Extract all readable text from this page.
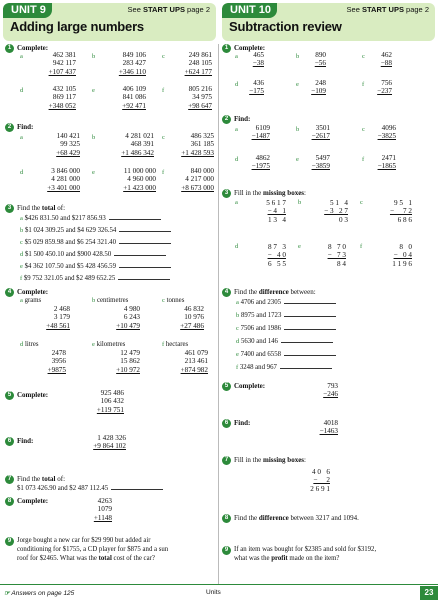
UNIT 9	See START UPS page 2
Adding large numbers
UNIT 10	See START UPS page 2
Subtraction review
1 Complete:
a	462 381
942 117
+107 437
b	849 106
283 427
+346 110
c	249 861
248 105
+624 177
d	432 105
869 117
+348 052
e	406 109
841 086
+92 471
f	805 216
34 975
+98 647
2 Find:
a	140 421
99 325
+68 429
b	4 281 021
468 391
+1 486 342
c	486 325
361 185
+1 428 593
d	3 846 000
4 281 000
+3 401 000
e	11 000 000
4 960 000
+1 423 000
f	840 000
4 217 000
+8 673 000
3 Find the total of:
a $426 831.50 and $217 856.93
b $1 024 309.25 and $4 629 326.54
c $5 029 859.98 and $6 254 321.40
d $1 500 450.10 and $900 428.50
e $4 362 107.50 and $5 428 456.59
f $9 752 321.05 and $2 489 652.25
4 Complete:
a grams
2 468
3 179
+48 561
b centimetres
4 980
6 243
+10 479
c tonnes
46 832
10 976
+27 486
d litres
2478
3956
+9875
e kilometres
12 479
15 862
+10 972
f hectares
461 079
213 461
+874 982
5 Complete:	925 486
106 432
+119 751
6 Find:	1 428 326
+9 864 102
7 Find the total of:
$1 073 426.90 and $2 487 112.45
8 Complete:	4263
1079
+1148
9 Jorge bought a new car for $29 990 but added air
conditioning for $1755, a CD player for $875 and a sun
roof for $2465. What was the total cost of the car?
1 Complete:
a	465
−38
b	890
−56
c	462
−88
d	436
−175
e	248
−109
f	756
−237
2 Find:
a	6109
−1487
b	3501
−2617
c	4096
−3825
d	4862
−1975
e	5497
−3859
f	2471
−1865
3 Fill in the missing boxes:
a	5 6 1 7
− 4   1
1 3   4
b	5 1   4
− 3   2 7
0 3
c	9 5   1
−     7 2
6 8 6
d	8 7   3
−   4 0
6   5 5
e	8   7 0
−   7 3
8 4
f	8   0
−   0 4
1 1 9 6
4 Find the difference between:
a 4706 and 2305
b 8975 and 1723
c 7506 and 1986
d 5630 and 146
e 7400 and 6558
f 3248 and 967
5 Complete:	793
−246
6 Find:	4018
−1463
7 Fill in the missing boxes:
4 0   6
−     2
2 6 9 1
8 Find the difference between 3217 and 1094.
9 If an item was bought for $2385 and sold for $3192,
what was the profit made on the item?
☞ Answers on page 125	Units	23
